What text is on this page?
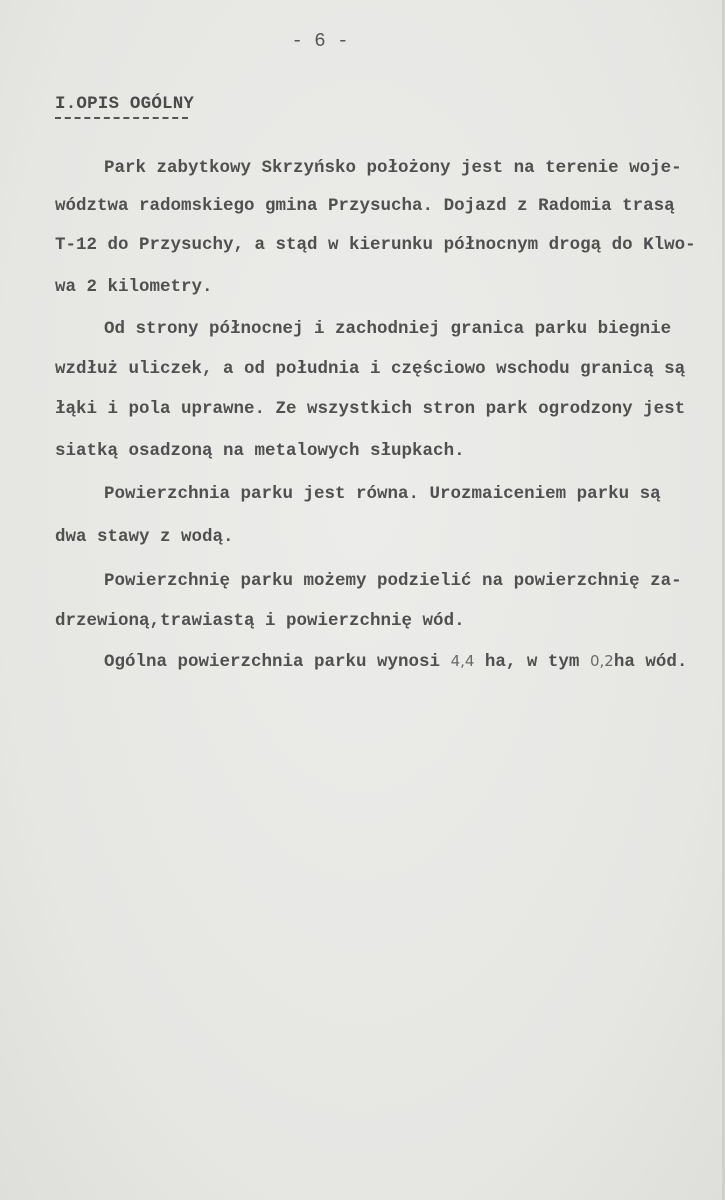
- 6 -
I.OPIS OGÓLNY
Park zabytkowy Skrzyńsko położony jest na terenie woje-
wództwa radomskiego gmina Przysucha. Dojazd z Radomia trasą
T-12 do Przysuchy, a stąd w kierunku północnym drogą do Klwo-
wa 2 kilometry.
Od strony północnej i zachodniej granica parku biegnie
wzdłuż uliczek, a od południa i częściowo wschodu granicą są
łąki i pola uprawne. Ze wszystkich stron park ogrodzony jest
siatką osadzoną na metalowych słupkach.
Powierzchnia parku jest równa. Urozmaiceniem parku są
dwa stawy z wodą.
Powierzchnię parku możemy podzielić na powierzchnię za-
drzewioną,trawiastą i powierzchnię wód.
Ogólna powierzchnia parku wynosi 4,4 ha, w tym 0,2ha wód.
